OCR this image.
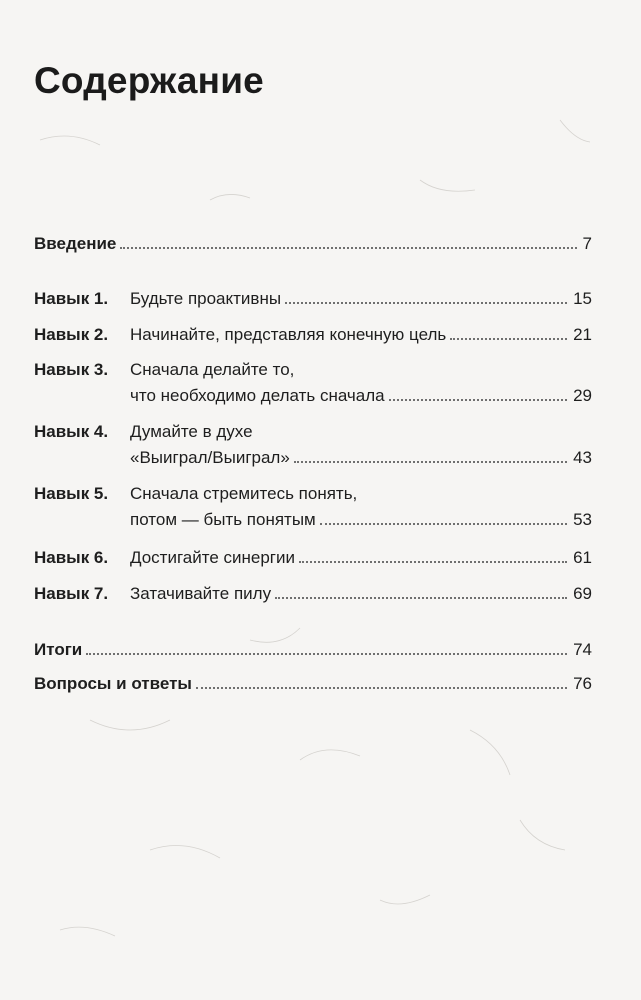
Содержание
Введение	7
Навык 1.	Будьте проактивны	15
Навык 2.	Начинайте, представляя конечную цель	21
Навык 3.	Сначала делайте то,
что необходимо делать сначала	29
Навык 4.	Думайте в духе
«Выиграл/Выиграл»	43
Навык 5.	Сначала стремитесь понять,
потом — быть понятым	53
Навык 6.	Достигайте синергии	61
Навык 7.	Затачивайте пилу	69
Итоги	74
Вопросы и ответы	76
